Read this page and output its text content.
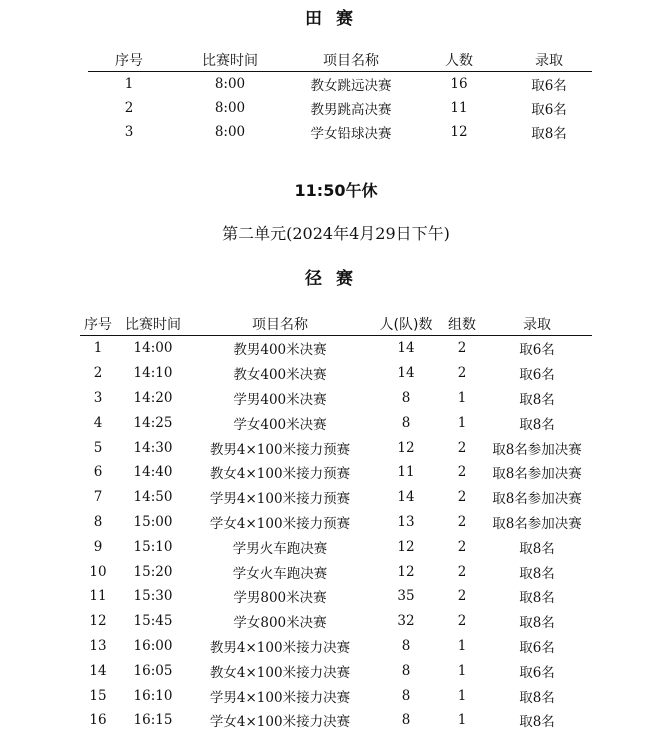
田赛
序号	比赛时间	项目名称	人数	录取
1	8:00	教女跳远决赛	16	取6名
2	8:00	教男跳高决赛	11	取6名
3	8:00	学女铅球决赛	12	取8名
11:50午休
第二单元(2024年4月29日下午)
径赛
序号	比赛时间	项目名称	人(队)数	组数	录取
1	14:00	教男400米决赛	14	2	取6名
2	14:10	教女400米决赛	14	2	取6名
3	14:20	学男400米决赛	8	1	取8名
4	14:25	学女400米决赛	8	1	取8名
5	14:30	教男4×100米接力预赛	12	2	取8名参加决赛
6	14:40	教女4×100米接力预赛	11	2	取8名参加决赛
7	14:50	学男4×100米接力预赛	14	2	取8名参加决赛
8	15:00	学女4×100米接力预赛	13	2	取8名参加决赛
9	15:10	学男火车跑决赛	12	2	取8名
10	15:20	学女火车跑决赛	12	2	取8名
11	15:30	学男800米决赛	35	2	取8名
12	15:45	学女800米决赛	32	2	取8名
13	16:00	教男4×100米接力决赛	8	1	取6名
14	16:05	教女4×100米接力决赛	8	1	取6名
15	16:10	学男4×100米接力决赛	8	1	取8名
16	16:15	学女4×100米接力决赛	8	1	取8名
